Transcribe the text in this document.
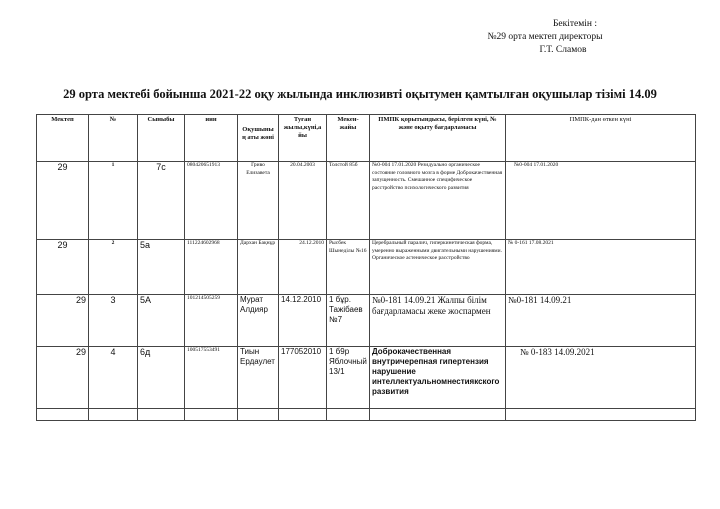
Бекітемін :
№29 орта мектеп директоры
Г.Т. Сламов
29 орта мектебі бойынша 2021-22 оқу жылында инклюзивті оқытумен қамтылған оқушылар тізімі 14.09
Мектеп	№	Сыныбы	иин	Оқушыны ң аты жөні	Туған жылы,күні,а йы	Мекен-жайы	ПМПК қорытындысы, берілген күні, № және оқыту бағдарламасы	ПМПК-дан өткен күні
29	1	7с	080420651913	Гриво Елизавета	20.04.2003	Толстой 85б	№0-004 17.01.2020 Резидуально органическое состояние головного мозга в форме Доброкачественная запущенность. Смешанное специфическое расстройство психологического развития	№0-004 17.01.2020
29	2	5а	111224602968	Дархан Бақнұр	24.12.2010	Рысбек Шынеділы №16	Церебральный паралич, гиперкинетическая форма, умеренно выраженными двигательными нарушениями. Органическое астеническое расстройство	№ 0-161 17.08.2021
29	3	5А	101214505259	Мурат Алдияр	14.12.2010	1 бұр. Тажібаев №7	№0-181 14.09.21 Жалпы білім бағдарламасы жеке жоспармен	№0-181 14.09.21
29	4	6д	100517553491	Тиын Ердаулет	177052010	1 б9р Яблочный 13/1	Доброкачественная внутричерепная гипертензия нарушение интеллектуальномнестиякского развития	№ 0-183 14.09.2021
